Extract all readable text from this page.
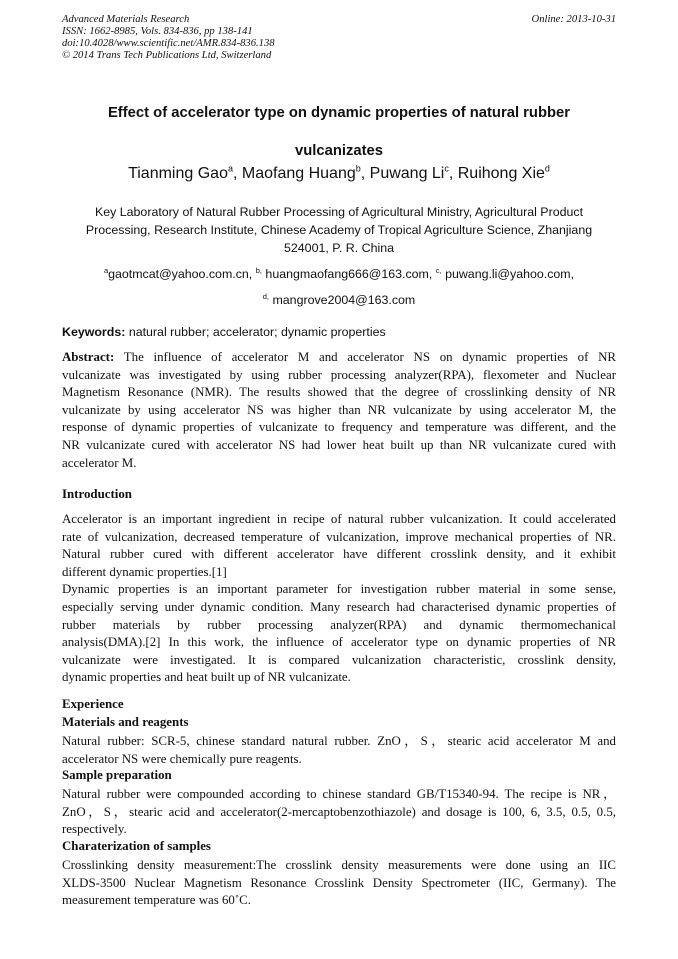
Advanced Materials Research
ISSN: 1662-8985, Vols. 834-836, pp 138-141
doi:10.4028/www.scientific.net/AMR.834-836.138
© 2014 Trans Tech Publications Ltd, Switzerland
Online: 2013-10-31
Effect of accelerator type on dynamic properties of natural rubber
vulcanizates
Tianming Gao$^a$, Maofang Huang$^b$, Puwang Li$^c$, Ruihong Xie$^d$
Key Laboratory of Natural Rubber Processing of Agricultural Ministry, Agricultural Product
Processing, Research Institute, Chinese Academy of Tropical Agriculture Science, Zhanjiang
524001, P. R. China
$^a$gaotmcat@yahoo.com.cn, $^{b,}$ huangmaofang666@163.com, $^{c,}$ puwang.li@yahoo.com,
$^{d,}$ mangrove2004@163.com
Keywords: natural rubber; accelerator; dynamic properties
Abstract: The influence of accelerator M and accelerator NS on dynamic properties of NR
vulcanizate was investigated by using rubber processing analyzer(RPA), flexometer and Nuclear
Magnetism Resonance (NMR). The results showed that the degree of crosslinking density of NR
vulcanizate by using accelerator NS was higher than NR vulcanizate by using accelerator M, the
response of dynamic properties of vulcanizate to frequency and temperature was different, and the
NR vulcanizate cured with accelerator NS had lower heat built up than NR vulcanizate cured with
accelerator M.
Introduction
Accelerator is an important ingredient in recipe of natural rubber vulcanization. It could accelerated
rate of vulcanization, decreased temperature of vulcanization, improve mechanical properties of NR.
Natural rubber cured with different accelerator have different crosslink density, and it exhibit
different dynamic properties.[1]
Dynamic properties is an important parameter for investigation rubber material in some sense,
especially serving under dynamic condition. Many research had characterised dynamic properties of
rubber materials by rubber processing analyzer(RPA) and dynamic thermomechanical
analysis(DMA).[2] In this work, the influence of accelerator type on dynamic properties of NR
vulcanizate were investigated. It is compared vulcanization characteristic, crosslink density,
dynamic properties and heat built up of NR vulcanizate.
Experience
Materials and reagents
Natural rubber: SCR-5, chinese standard natural rubber. ZnO，S，stearic acid accelerator M and
accelerator NS were chemically pure reagents.
Sample preparation
Natural rubber were compounded according to chinese standard GB/T15340-94. The recipe is NR，
ZnO，S，stearic acid and accelerator(2-mercaptobenzothiazole) and dosage is 100, 6, 3.5, 0.5, 0.5,
respectively.
Charaterization of samples
Crosslinking density measurement:The crosslink density measurements were done using an IIC
XLDS-3500 Nuclear Magnetism Resonance Crosslink Density Spectrometer (IIC, Germany). The
measurement temperature was 60˚C.
